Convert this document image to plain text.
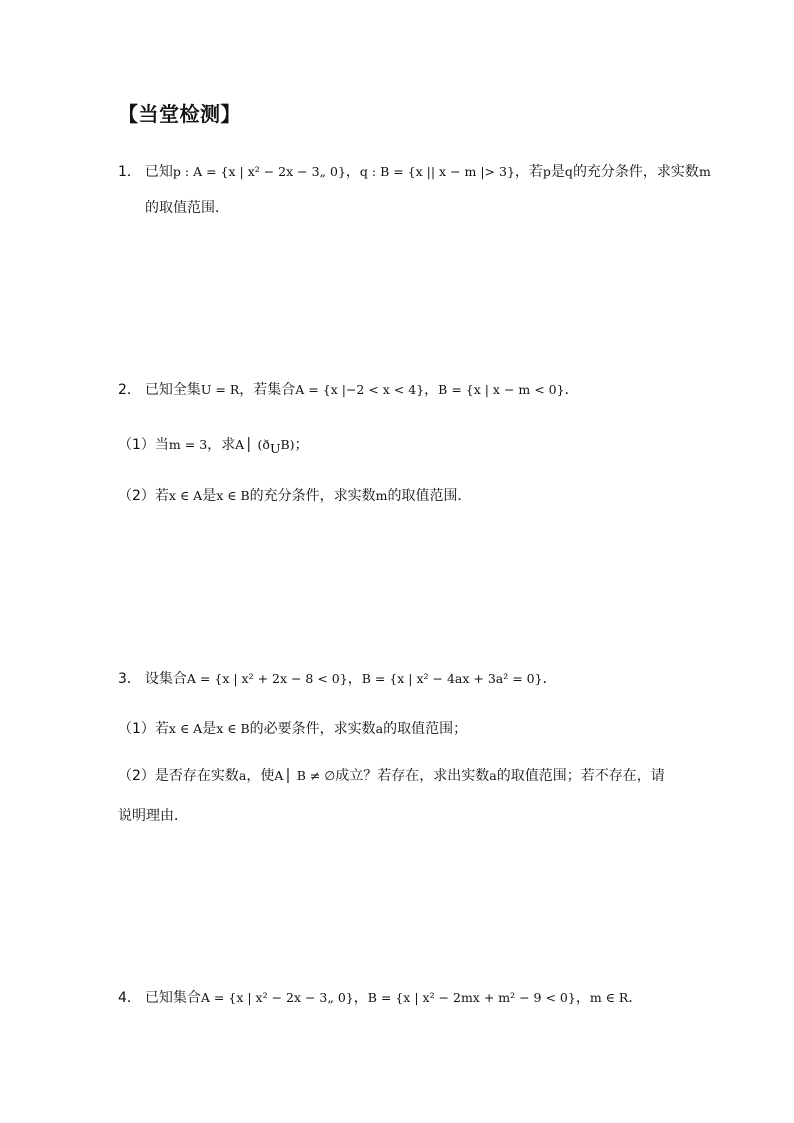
【当堂检测】
1． 已知p : A = {x | x² − 2x − 3„ 0}，q : B = {x || x − m |> 3}，若p是q的充分条件，求实数m
的取值范围．
2． 已知全集U = R，若集合A = {x |−2 < x < 4}，B = {x | x − m < 0}．
（1）当m = 3，求A⎪ $(ð_UB)$；
（2）若x ∈ A是x ∈ B的充分条件，求实数m的取值范围．
3． 设集合A = {x | x² + 2x − 8 < 0}，B = {x | x² − 4ax + 3a² = 0}．
（1）若x ∈ A是x ∈ B的必要条件，求实数a的取值范围；
（2）是否存在实数a，使A⎪ B ≠ ∅成立？若存在，求出实数a的取值范围；若不存在，请
说明理由．
4． 已知集合A = {x | x² − 2x − 3„ 0}，B = {x | x² − 2mx + m² − 9 < 0}，m ∈ R．
